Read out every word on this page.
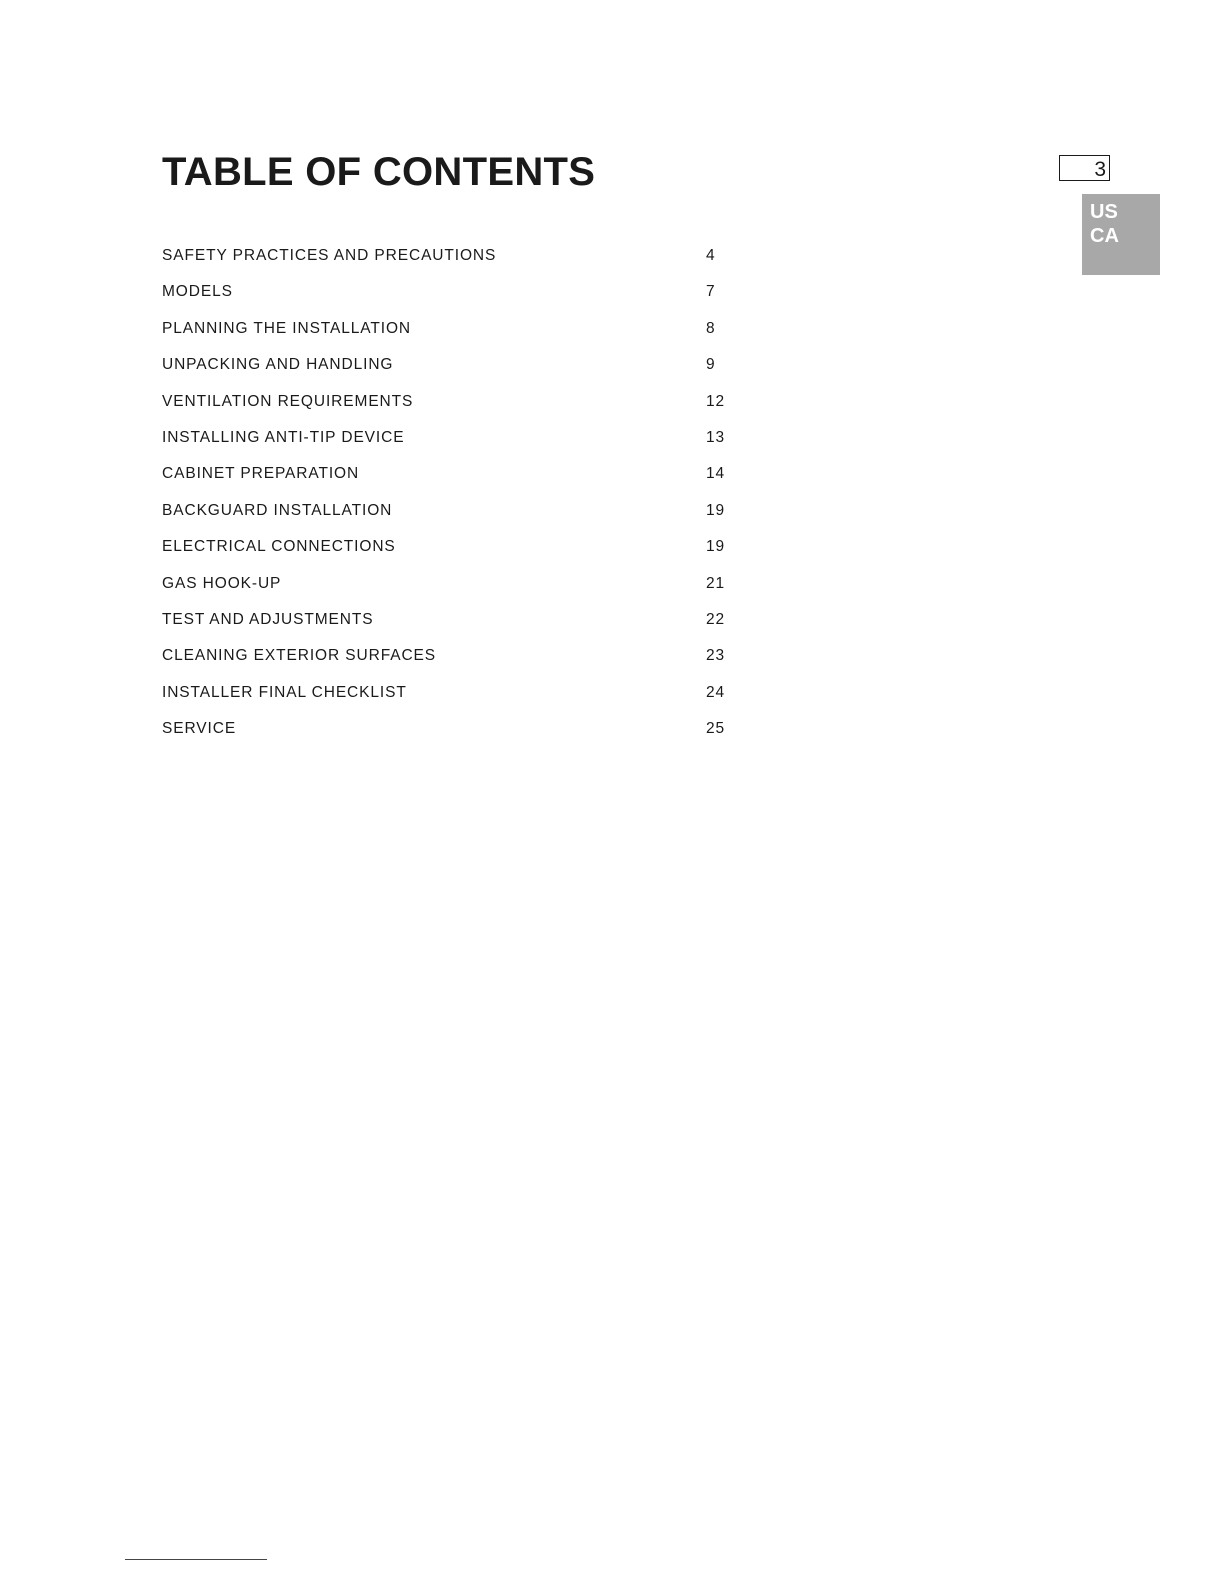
TABLE OF CONTENTS	3
US
CA
SAFETY PRACTICES AND PRECAUTIONS	4
MODELS	7
PLANNING THE INSTALLATION	8
UNPACKING AND HANDLING	9
VENTILATION REQUIREMENTS	12
INSTALLING ANTI-TIP DEVICE	13
CABINET PREPARATION	14
BACKGUARD INSTALLATION	19
ELECTRICAL CONNECTIONS	19
GAS HOOK-UP	21
TEST AND ADJUSTMENTS	22
CLEANING EXTERIOR SURFACES	23
INSTALLER FINAL CHECKLIST	24
SERVICE	25
